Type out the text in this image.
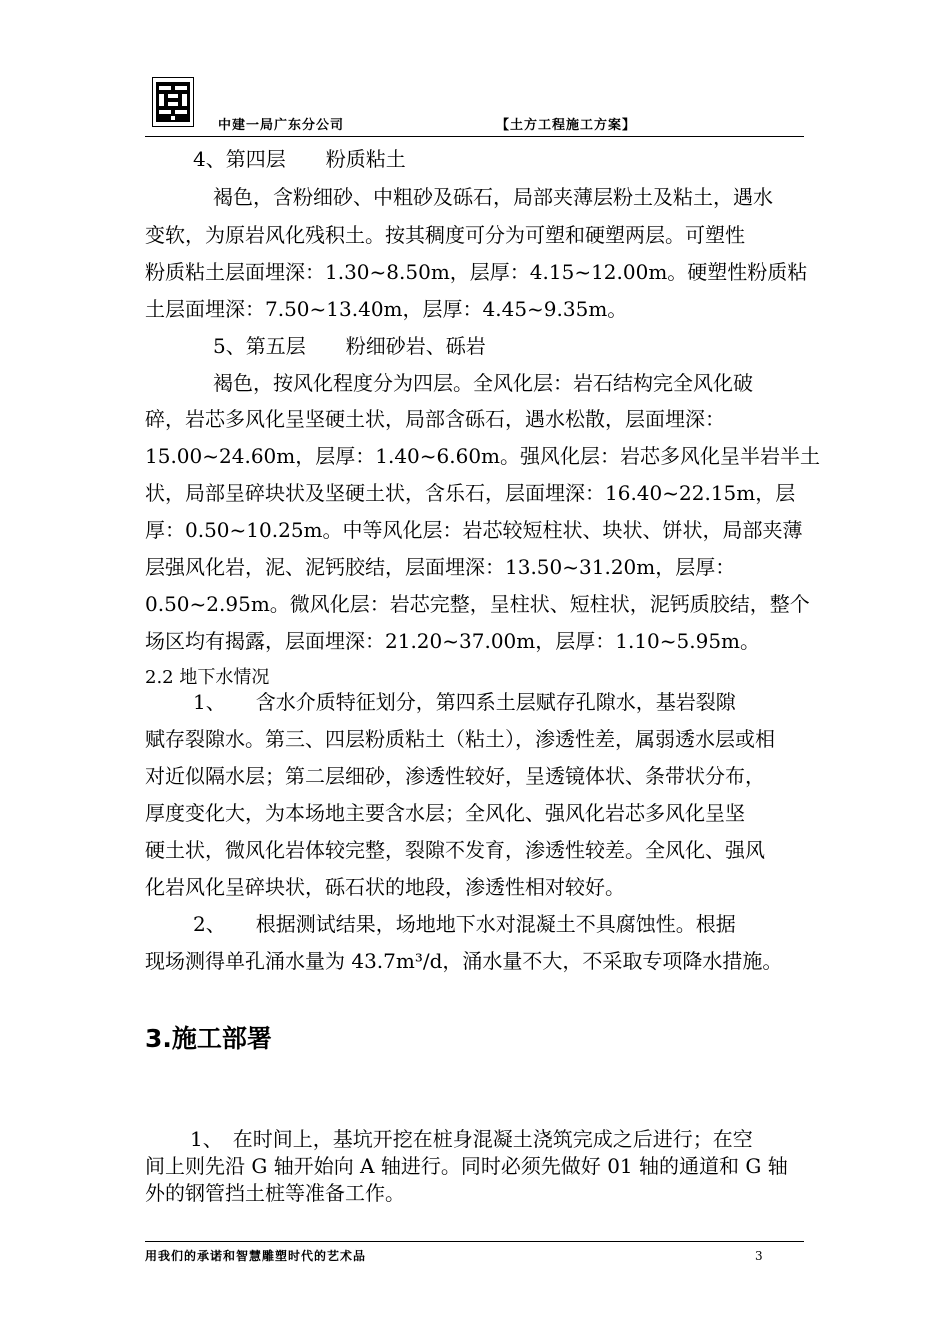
中建一局广东分公司	【土方工程施工方案】
4、第四层　　粉质粘土
褐色，含粉细砂、中粗砂及砾石，局部夹薄层粉土及粘土，遇水
变软，为原岩风化残积土。按其稠度可分为可塑和硬塑两层。可塑性
粉质粘土层面埋深：1.30~8.50m，层厚：4.15~12.00m。硬塑性粉质粘
土层面埋深：7.50~13.40m，层厚：4.45~9.35m。
5、第五层　　粉细砂岩、砾岩
褐色，按风化程度分为四层。全风化层：岩石结构完全风化破
碎，岩芯多风化呈坚硬土状，局部含砾石，遇水松散，层面埋深：
15.00~24.60m，层厚：1.40~6.60m。强风化层：岩芯多风化呈半岩半土
状，局部呈碎块状及坚硬土状，含乐石，层面埋深：16.40~22.15m，层
厚：0.50~10.25m。中等风化层：岩芯较短柱状、块状、饼状，局部夹薄
层强风化岩，泥、泥钙胶结，层面埋深：13.50~31.20m，层厚：
0.50~2.95m。微风化层：岩芯完整，呈柱状、短柱状，泥钙质胶结，整个
场区均有揭露，层面埋深：21.20~37.00m，层厚：1.10~5.95m。
2.2 地下水情况
1、　　含水介质特征划分，第四系土层赋存孔隙水，基岩裂隙
赋存裂隙水。第三、四层粉质粘土（粘土），渗透性差，属弱透水层或相
对近似隔水层；第二层细砂，渗透性较好，呈透镜体状、条带状分布，
厚度变化大，为本场地主要含水层；全风化、强风化岩芯多风化呈坚
硬土状，微风化岩体较完整，裂隙不发育，渗透性较差。全风化、强风
化岩风化呈碎块状，砾石状的地段，渗透性相对较好。
2、　　根据测试结果，场地地下水对混凝土不具腐蚀性。根据
现场测得单孔涌水量为 43.7m³/d，涌水量不大，不采取专项降水措施。
3.施工部署
1、　在时间上，基坑开挖在桩身混凝土浇筑完成之后进行；在空
间上则先沿 G 轴开始向 A 轴进行。同时必须先做好 01 轴的通道和 G 轴
外的钢管挡土桩等准备工作。
用我们的承诺和智慧雕塑时代的艺术品	3
